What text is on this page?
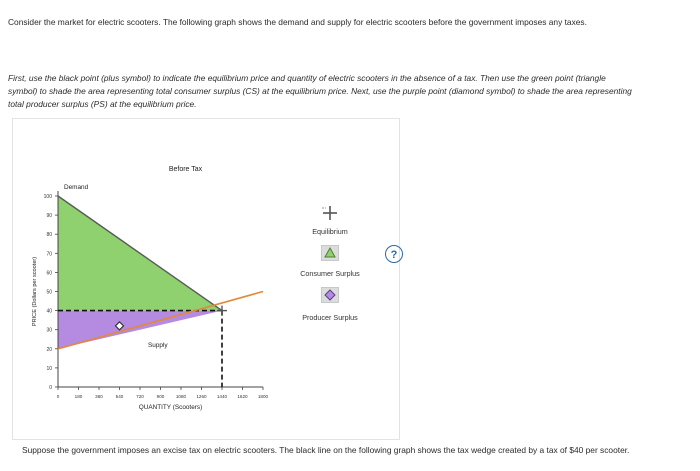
Consider the market for electric scooters. The following graph shows the demand and supply for electric scooters before the government imposes any taxes.
First, use the black point (plus symbol) to indicate the equilibrium price and quantity of electric scooters in the absence of a tax. Then use the green point (triangle symbol) to shade the area representing total consumer surplus (CS) at the equilibrium price. Next, use the purple point (diamond symbol) to shade the area representing total producer surplus (PS) at the equilibrium price.
0
10
20
30
40
50
60
70
80
90
100
0	180	360	540	720	900	1080 1260 1440 1620 1800
Before Tax
Demand
Supply
QUANTITY (Scooters)
PRICE (Dollars per scooter)
?
Equilibrium
Consumer Surplus
Producer Surplus
Suppose the government imposes an excise tax on electric scooters. The black line on the following graph shows the tax wedge created by a tax of $40 per scooter.
